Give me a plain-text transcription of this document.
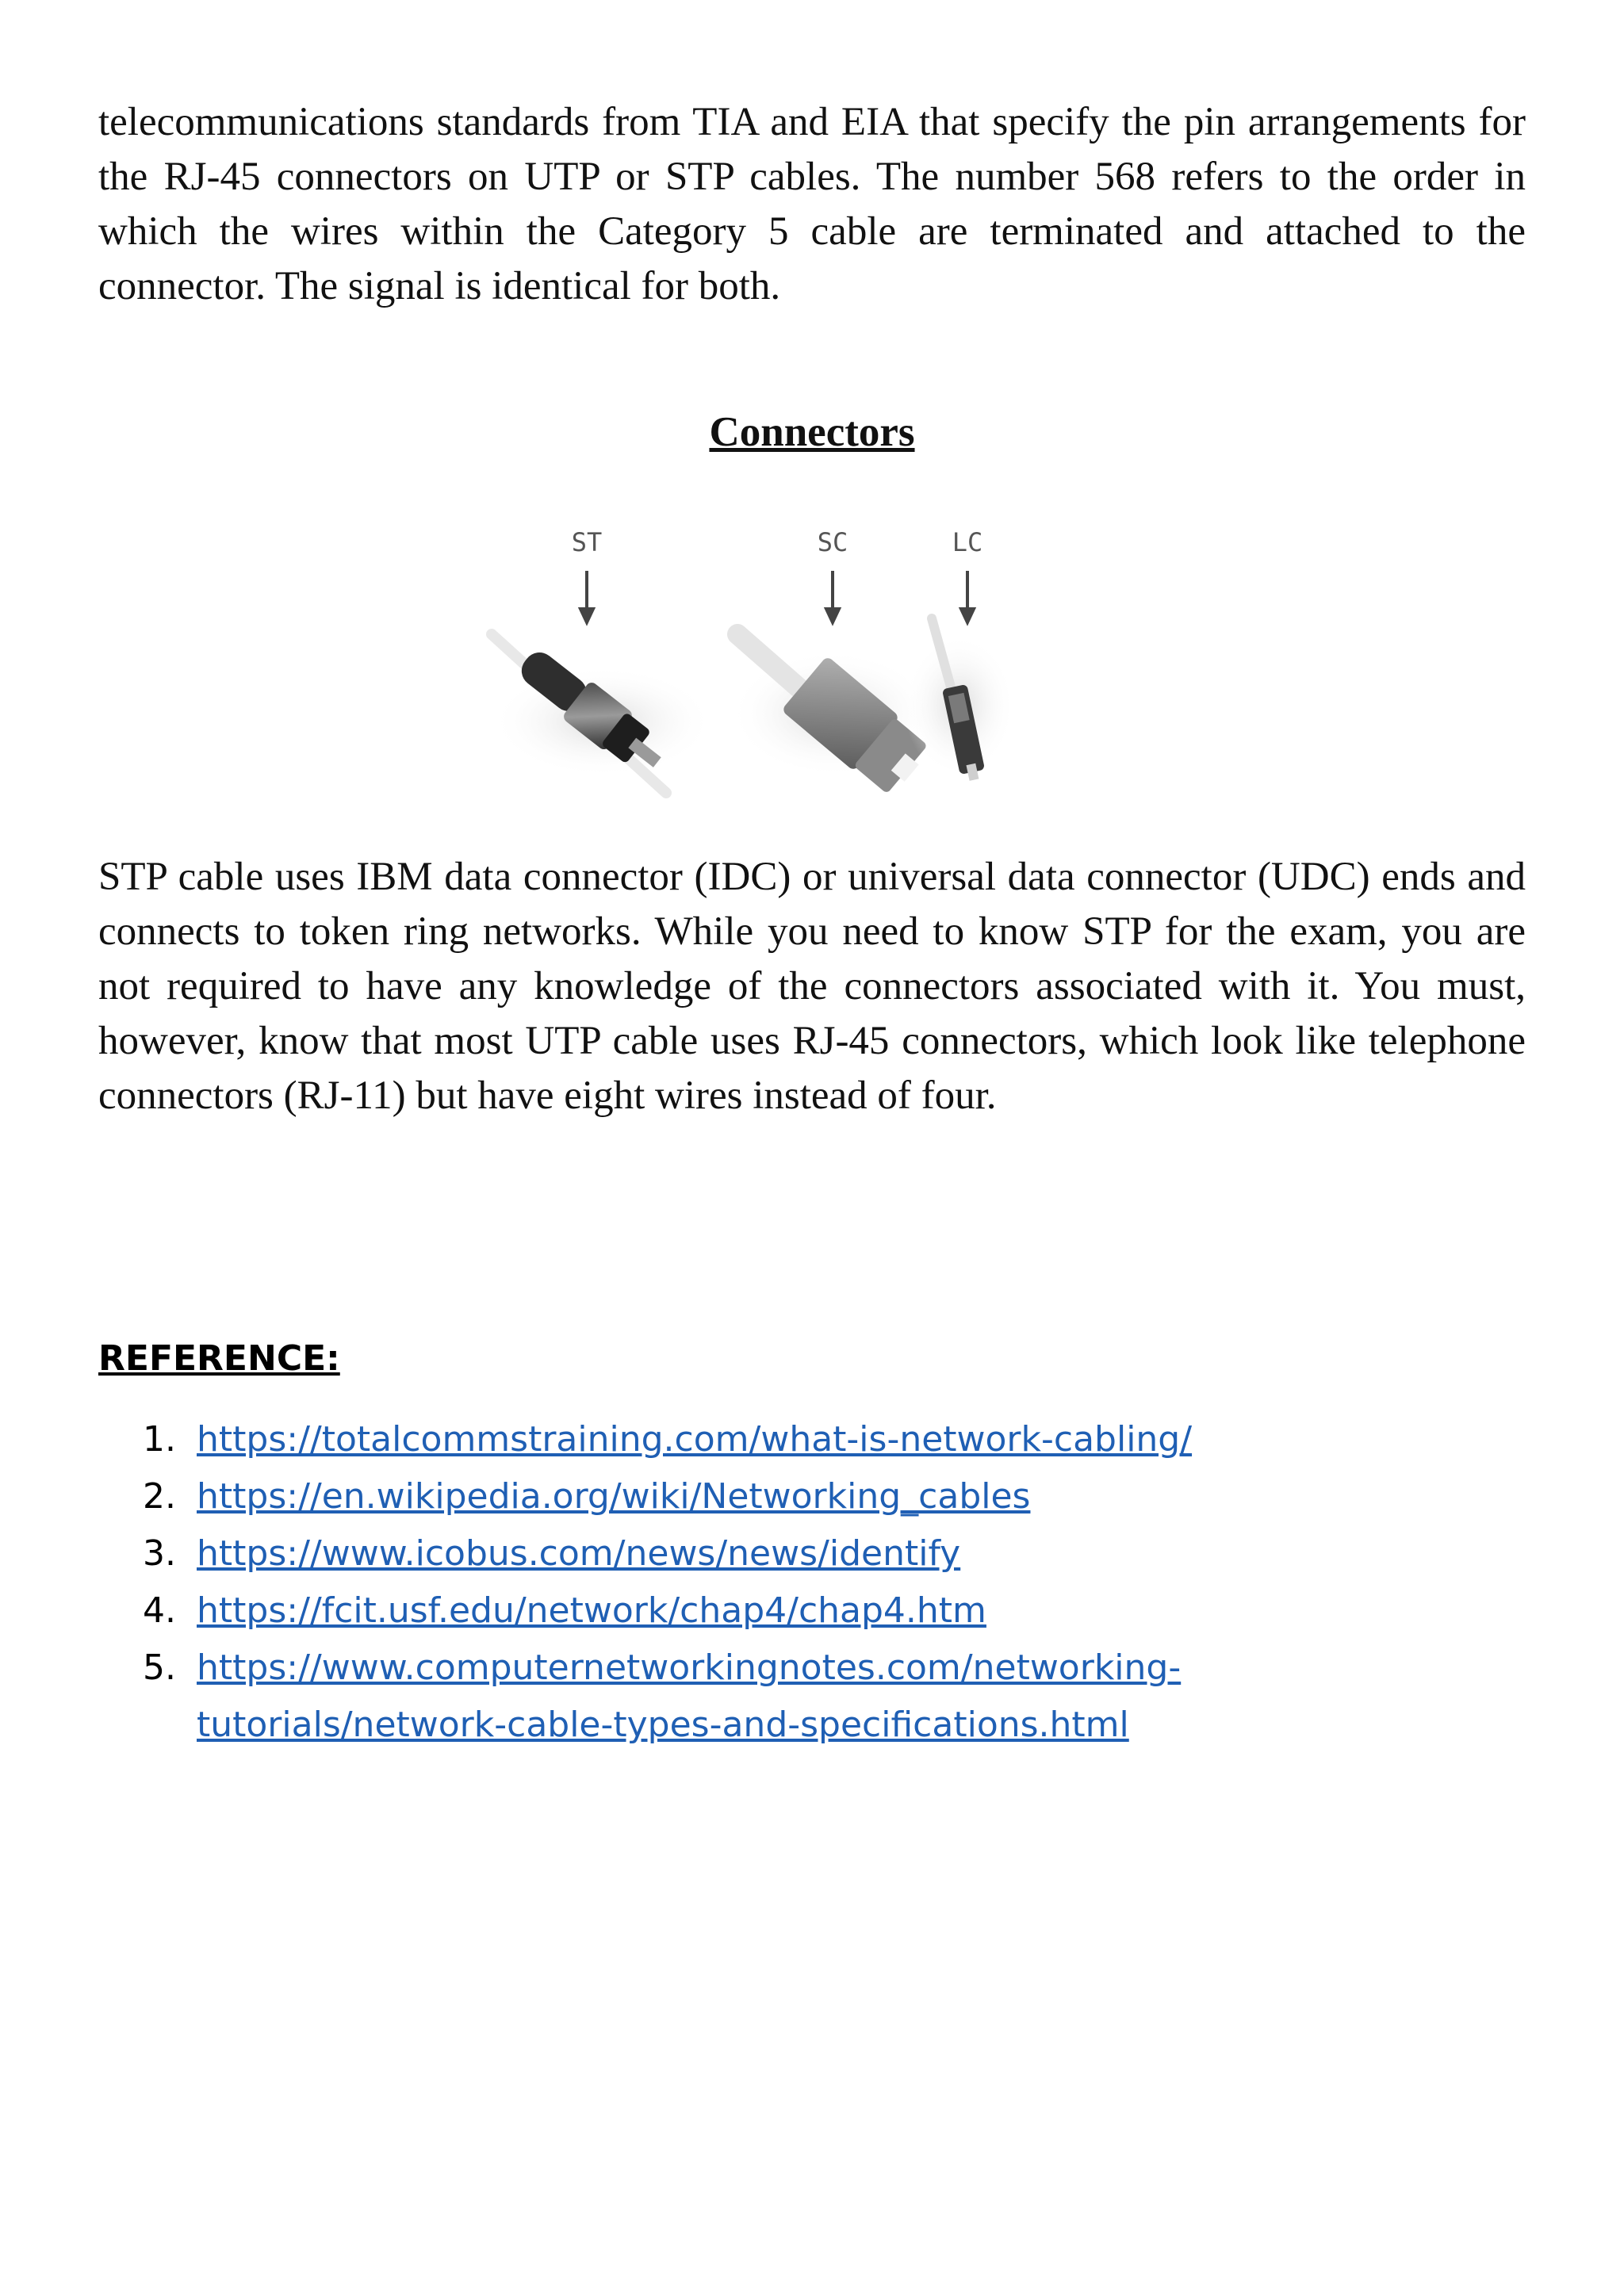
telecommunications standards from TIA and EIA that specify the pin arrangements for the RJ-45 connectors on UTP or STP cables. The number 568 refers to the order in which the wires within the Category 5 cable are terminated and attached to the connector. The signal is identical for both.

Connectors
ST	SC	LC

STP cable uses IBM data connector (IDC) or universal data connector (UDC) ends and connects to token ring networks. While you need to know STP for the exam, you are not required to have any knowledge of the connectors associated with it. You must, however, know that most UTP cable uses RJ-45 connectors, which look like telephone connectors (RJ-11) but have eight wires instead of four.

REFERENCE:
1. https://totalcommstraining.com/what-is-network-cabling/
2. https://en.wikipedia.org/wiki/Networking_cables
3. https://www.icobus.com/news/news/identify
4. https://fcit.usf.edu/network/chap4/chap4.htm
5. https://www.computernetworkingnotes.com/networking-
tutorials/network-cable-types-and-specifications.html
